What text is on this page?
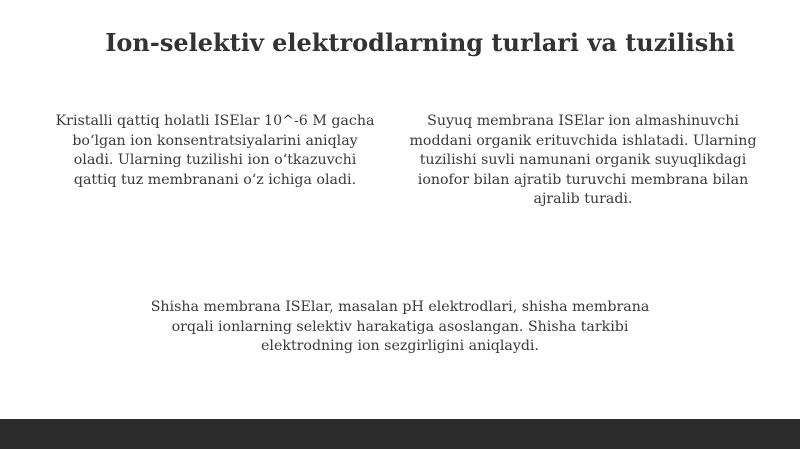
Ion-selektiv elektrodlarning turlari va tuzilishi

Kristalli qattiq holatli ISElar 10^-6 M gacha boʻlgan ion konsentratsiyalarini aniqlay oladi. Ularning tuzilishi ion oʻtkazuvchi qattiq tuz membranani oʻz ichiga oladi.

Suyuq membrana ISElar ion almashinuvchi moddani organik erituvchida ishlatadi. Ularning tuzilishi suvli namunani organik suyuqlikdagi ionofor bilan ajratib turuvchi membrana bilan ajralib turadi.

Shisha membrana ISElar, masalan pH elektrodlari, shisha membrana orqali ionlarning selektiv harakatiga asoslangan. Shisha tarkibi elektrodning ion sezgirligini aniqlaydi.
